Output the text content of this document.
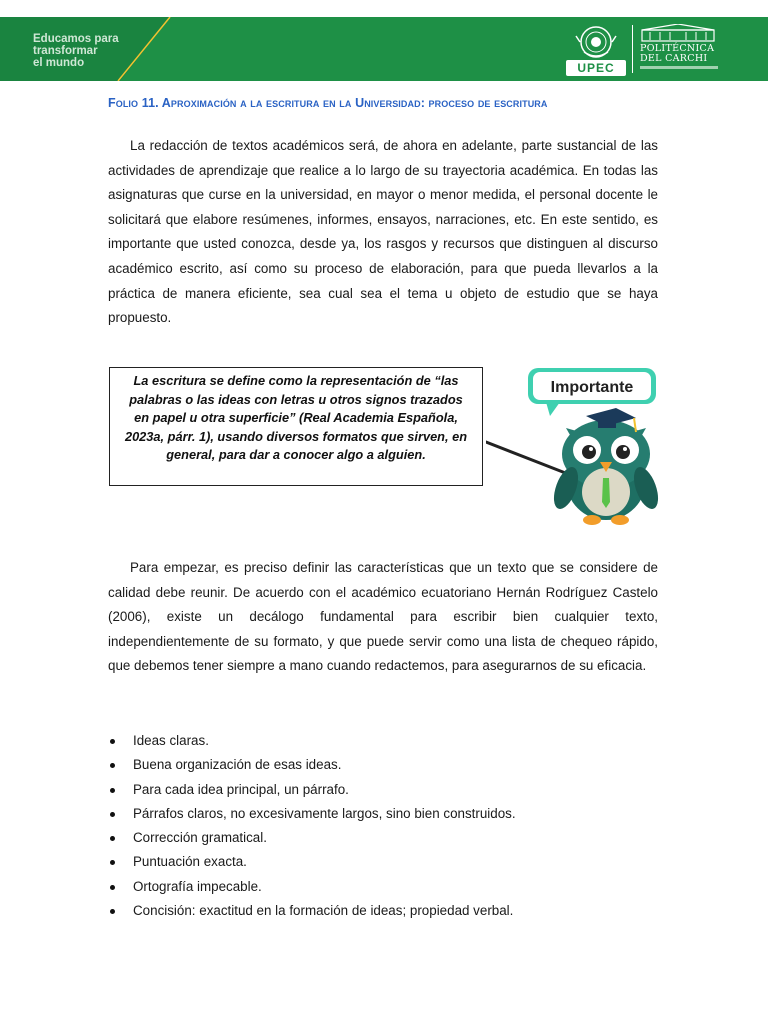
Educamos para
transformar
el mundo	UPEC
POLITÉCNICA
DEL CARCHI
Folio 11. Aproximación a la escritura en la Universidad: proceso de escritura

La redacción de textos académicos será, de ahora en adelante, parte sustancial de las actividades de aprendizaje que realice a lo largo de su trayectoria académica. En todas las asignaturas que curse en la universidad, en mayor o menor medida, el personal docente le solicitará que elabore resúmenes, informes, ensayos, narraciones, etc. En este sentido, es importante que usted conozca, desde ya, los rasgos y recursos que distinguen al discurso académico escrito, así como su proceso de elaboración, para que pueda llevarlos a la práctica de manera eficiente, sea cual sea el tema u objeto de estudio que se haya propuesto.

La escritura se define como la representación de “las palabras o las ideas con letras u otros signos trazados en papel u otra superficie” (Real Academia Española, 2023a, párr. 1), usando diversos formatos que sirven, en general, para dar a conocer algo a alguien.
Importante

Para empezar, es preciso definir las características que un texto que se considere de calidad debe reunir. De acuerdo con el académico ecuatoriano Hernán Rodríguez Castelo (2006), existe un decálogo fundamental para escribir bien cualquier texto, independientemente de su formato, y que puede servir como una lista de chequeo rápido, que debemos tener siempre a mano cuando redactemos, para asegurarnos de su eficacia.

Ideas claras.
Buena organización de esas ideas.
Para cada idea principal, un párrafo.
Párrafos claros, no excesivamente largos, sino bien construidos.
Corrección gramatical.
Puntuación exacta.
Ortografía impecable.
Concisión: exactitud en la formación de ideas; propiedad verbal.
